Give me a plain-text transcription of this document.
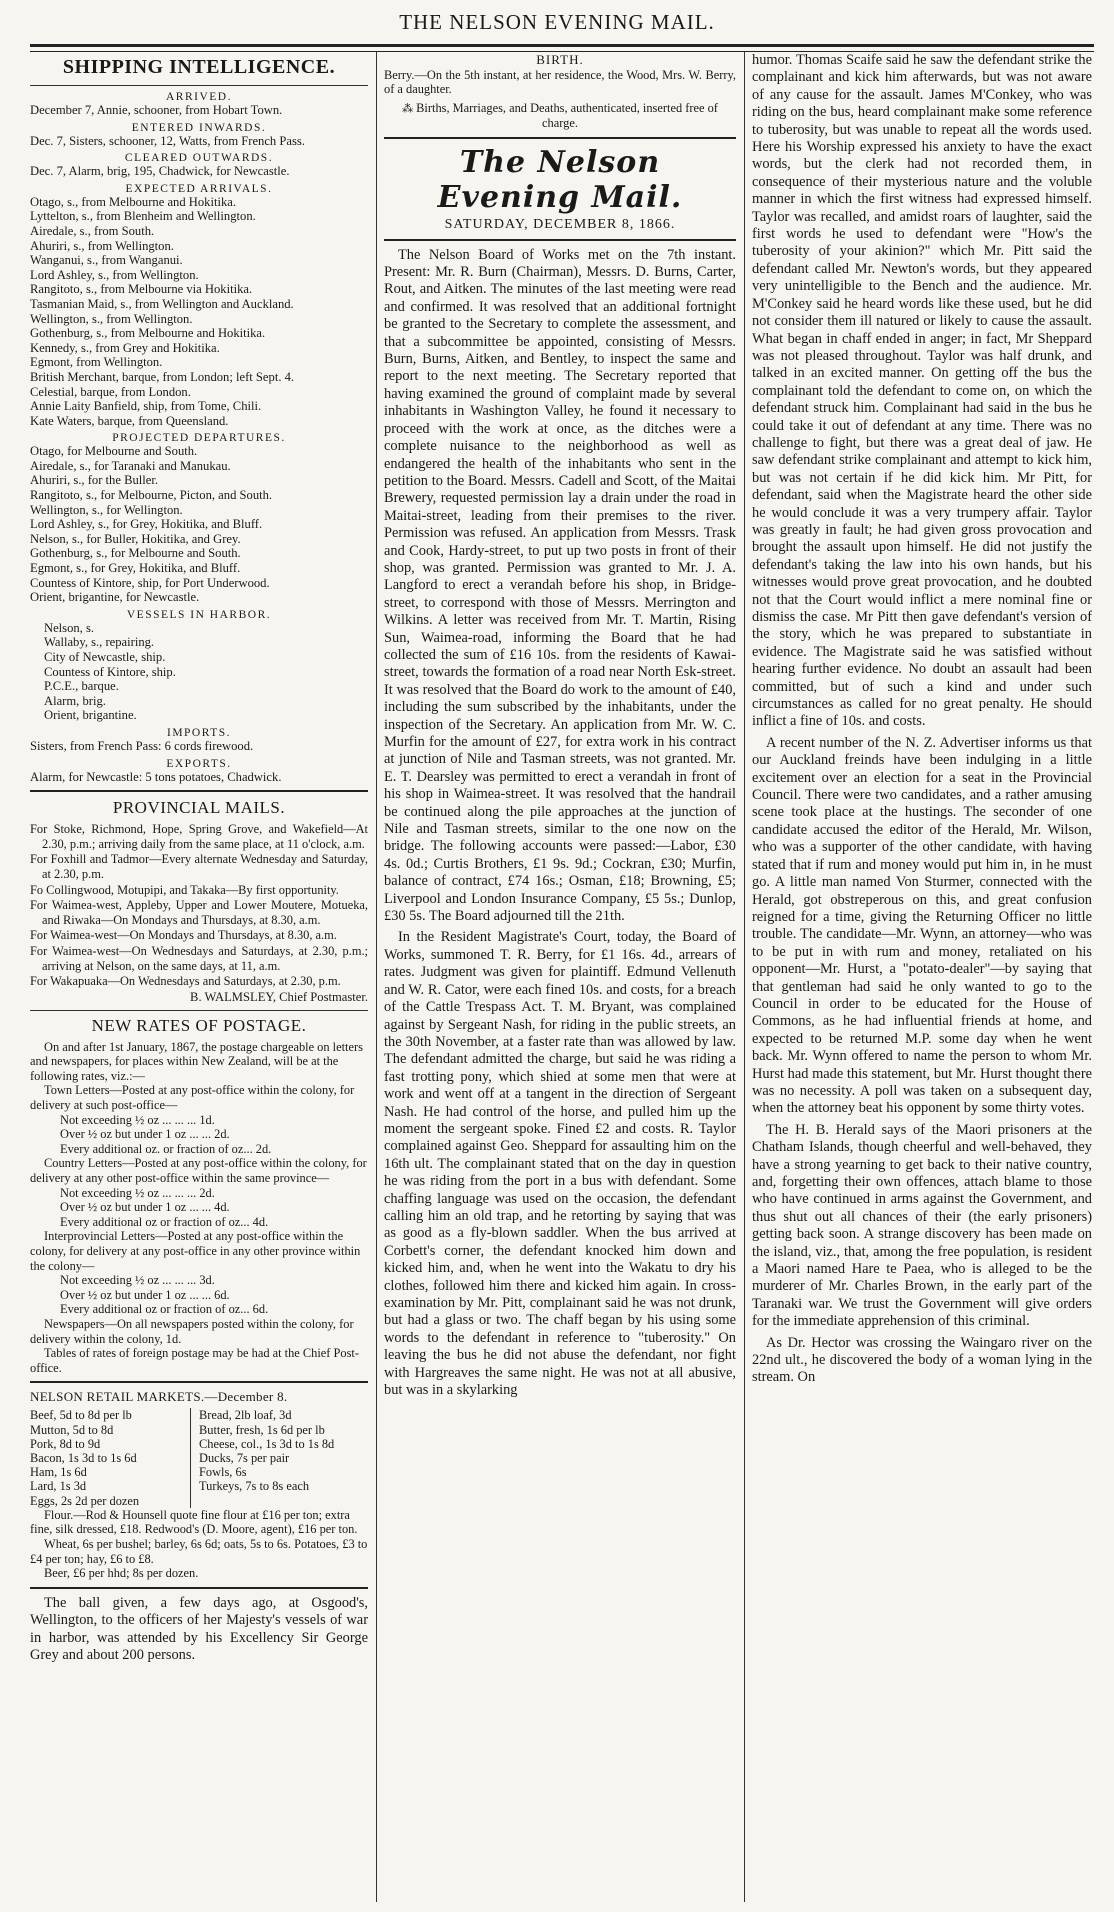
THE NELSON EVENING MAIL.
SHIPPING INTELLIGENCE.
ARRIVED.
December 7, Annie, schooner, from Hobart Town.
ENTERED INWARDS.
Dec. 7, Sisters, schooner, 12, Watts, from French Pass.
CLEARED OUTWARDS.
Dec. 7, Alarm, brig, 195, Chadwick, for Newcastle.
EXPECTED ARRIVALS.
Otago, s., from Melbourne and Hokitika.
Lyttelton, s., from Blenheim and Wellington.
Airedale, s., from South.
Ahuriri, s., from Wellington.
Wanganui, s., from Wanganui.
Lord Ashley, s., from Wellington.
Rangitoto, s., from Melbourne via Hokitika.
Tasmanian Maid, s., from Wellington and Auckland.
Wellington, s., from Wellington.
Gothenburg, s., from Melbourne and Hokitika.
Kennedy, s., from Grey and Hokitika.
Egmont, from Wellington.
British Merchant, barque, from London; left Sept. 4.
Celestial, barque, from London.
Annie Laity Banfield, ship, from Tome, Chili.
Kate Waters, barque, from Queensland.
PROJECTED DEPARTURES.
Otago, for Melbourne and South.
Airedale, s., for Taranaki and Manukau.
Ahuriri, s., for the Buller.
Rangitoto, s., for Melbourne, Picton, and South.
Wellington, s., for Wellington.
Lord Ashley, s., for Grey, Hokitika, and Bluff.
Nelson, s., for Buller, Hokitika, and Grey.
Gothenburg, s., for Melbourne and South.
Egmont, s., for Grey, Hokitika, and Bluff.
Countess of Kintore, ship, for Port Underwood.
Orient, brigantine, for Newcastle.
VESSELS IN HARBOR.
Nelson, s.
Wallaby, s., repairing.
City of Newcastle, ship.
Countess of Kintore, ship.
P.C.E., barque.
Alarm, brig.
Orient, brigantine.
IMPORTS.
Sisters, from French Pass: 6 cords firewood.
EXPORTS.
Alarm, for Newcastle: 5 tons potatoes, Chadwick.
PROVINCIAL MAILS.

For Stoke, Richmond, Hope, Spring Grove, and Wakefield—At 2.30, p.m.; arriving daily from the same place, at 11 o'clock, a.m.

For Foxhill and Tadmor—Every alternate Wednesday and Saturday, at 2.30, p.m.

Fo Collingwood, Motupipi, and Takaka—By first opportunity.

For Waimea-west, Appleby, Upper and Lower Moutere, Motueka, and Riwaka—On Mondays and Thursdays, at 8.30, a.m.

For Waimea-west—On Mondays and Thursdays, at 8.30, a.m.

For Waimea-west—On Wednesdays and Saturdays, at 2.30, p.m.; arriving at Nelson, on the same days, at 11, a.m.

For Wakapuaka—On Wednesdays and Saturdays, at 2.30, p.m.

B. WALMSLEY, Chief Postmaster.
NEW RATES OF POSTAGE.

On and after 1st January, 1867, the postage chargeable on letters and newspapers, for places within New Zealand, will be at the following rates, viz.:—

Town Letters—Posted at any post-office within the colony, for delivery at such post-office—

Not exceeding ½ oz ... ... ... 1d.
Over ½ oz but under 1 oz ... ... 2d.
Every additional oz. or fraction of oz... 2d.

Country Letters—Posted at any post-office within the colony, for delivery at any other post-office within the same province—

Not exceeding ½ oz ... ... ... 2d.
Over ½ oz but under 1 oz ... ... 4d.
Every additional oz or fraction of oz... 4d.

Interprovincial Letters—Posted at any post-office within the colony, for delivery at any post-office in any other province within the colony—

Not exceeding ½ oz ... ... ... 3d.
Over ½ oz but under 1 oz ... ... 6d.
Every additional oz or fraction of oz... 6d.

Newspapers—On all newspapers posted within the colony, for delivery within the colony, 1d.

Tables of rates of foreign postage may be had at the Chief Post-office.

NELSON RETAIL MARKETS.—December 8.
Beef, 5d to 8d per lb
Mutton, 5d to 8d
Pork, 8d to 9d
Bacon, 1s 3d to 1s 6d
Ham, 1s 6d
Lard, 1s 3d
Eggs, 2s 2d per dozen
Bread, 2lb loaf, 3d
Butter, fresh, 1s 6d per lb
Cheese, col., 1s 3d to 1s 8d
Ducks, 7s per pair
Fowls, 6s
Turkeys, 7s to 8s each

Flour.—Rod & Hounsell quote fine flour at £16 per ton; extra fine, silk dressed, £18. Redwood's (D. Moore, agent), £16 per ton.

Wheat, 6s per bushel; barley, 6s 6d; oats, 5s to 6s. Potatoes, £3 to £4 per ton; hay, £6 to £8.

Beer, £6 per hhd; 8s per dozen.

The ball given, a few days ago, at Osgood's, Wellington, to the officers of her Majesty's vessels of war in harbor, was attended by his Excellency Sir George Grey and about 200 persons.

BIRTH.
Berry.—On the 5th instant, at her residence, the Wood, Mrs. W. Berry, of a daughter.
⁂ Births, Marriages, and Deaths, authenticated, inserted free of charge.
The Nelson Evening Mail.
SATURDAY, DECEMBER 8, 1866.

The Nelson Board of Works met on the 7th instant. Present: Mr. R. Burn (Chairman), Messrs. D. Burns, Carter, Rout, and Aitken. The minutes of the last meeting were read and confirmed. It was resolved that an additional fortnight be granted to the Secretary to complete the assessment, and that a subcommittee be appointed, consisting of Messrs. Burn, Burns, Aitken, and Bentley, to inspect the same and report to the next meeting. The Secretary reported that having examined the ground of complaint made by several inhabitants in Washington Valley, he found it necessary to proceed with the work at once, as the ditches were a complete nuisance to the neighborhood as well as endangered the health of the inhabitants who sent in the petition to the Board. Messrs. Cadell and Scott, of the Maitai Brewery, requested permission lay a drain under the road in Maitai-street, leading from their premises to the river. Permission was refused. An application from Messrs. Trask and Cook, Hardy-street, to put up two posts in front of their shop, was granted. Permission was granted to Mr. J. A. Langford to erect a verandah before his shop, in Bridge-street, to correspond with those of Messrs. Merrington and Wilkins. A letter was received from Mr. T. Martin, Rising Sun, Waimea-road, informing the Board that he had collected the sum of £16 10s. from the residents of Kawai-street, towards the formation of a road near North Esk-street. It was resolved that the Board do work to the amount of £40, including the sum subscribed by the inhabitants, under the inspection of the Secretary. An application from Mr. W. C. Murfin for the amount of £27, for extra work in his contract at junction of Nile and Tasman streets, was not granted. Mr. E. T. Dearsley was permitted to erect a verandah in front of his shop in Waimea-street. It was resolved that the handrail be continued along the pile approaches at the junction of Nile and Tasman streets, similar to the one now on the bridge. The following accounts were passed:—Labor, £30 4s. 0d.; Curtis Brothers, £1 9s. 9d.; Cockran, £30; Murfin, balance of contract, £74 16s.; Osman, £18; Browning, £5; Liverpool and London Insurance Company, £5 5s.; Dunlop, £30 5s. The Board adjourned till the 21th.

In the Resident Magistrate's Court, today, the Board of Works, summoned T. R. Berry, for £1 16s. 4d., arrears of rates. Judgment was given for plaintiff. Edmund Vellenuth and W. R. Cator, were each fined 10s. and costs, for a breach of the Cattle Trespass Act. T. M. Bryant, was complained against by Sergeant Nash, for riding in the public streets, an the 30th November, at a faster rate than was allowed by law. The defendant admitted the charge, but said he was riding a fast trotting pony, which shied at some men that were at work and went off at a tangent in the direction of Sergeant Nash. He had control of the horse, and pulled him up the moment the sergeant spoke. Fined £2 and costs. R. Taylor complained against Geo. Sheppard for assaulting him on the 16th ult. The complainant stated that on the day in question he was riding from the port in a bus with defendant. Some chaffing language was used on the occasion, the defendant calling him an old trap, and he retorting by saying that was as good as a fly-blown saddler. When the bus arrived at Corbett's corner, the defendant knocked him down and kicked him, and, when he went into the Wakatu to dry his clothes, followed him there and kicked him again. In cross-examination by Mr. Pitt, complainant said he was not drunk, but had a glass or two. The chaff began by his using some words to the defendant in reference to "tuberosity." On leaving the bus he did not abuse the defendant, nor fight with Hargreaves the same night. He was not at all abusive, but was in a skylarking

humor. Thomas Scaife said he saw the defendant strike the complainant and kick him afterwards, but was not aware of any cause for the assault. James M'Conkey, who was riding on the bus, heard complainant make some reference to tuberosity, but was unable to repeat all the words used. Here his Worship expressed his anxiety to have the exact words, but the clerk had not recorded them, in consequence of their mysterious nature and the voluble manner in which the first witness had expressed himself. Taylor was recalled, and amidst roars of laughter, said the first words he used to defendant were "How's the tuberosity of your akinion?" which Mr. Pitt said the defendant called Mr. Newton's words, but they appeared very unintelligible to the Bench and the audience. Mr. M'Conkey said he heard words like these used, but he did not consider them ill natured or likely to cause the assault. What began in chaff ended in anger; in fact, Mr Sheppard was not pleased throughout. Taylor was half drunk, and talked in an excited manner. On getting off the bus the complainant told the defendant to come on, on which the defendant struck him. Complainant had said in the bus he could take it out of defendant at any time. There was no challenge to fight, but there was a great deal of jaw. He saw defendant strike complainant and attempt to kick him, but was not certain if he did kick him. Mr Pitt, for defendant, said when the Magistrate heard the other side he would conclude it was a very trumpery affair. Taylor was greatly in fault; he had given gross provocation and brought the assault upon himself. He did not justify the defendant's taking the law into his own hands, but his witnesses would prove great provocation, and he doubted not that the Court would inflict a mere nominal fine or dismiss the case. Mr Pitt then gave defendant's version of the story, which he was prepared to substantiate in evidence. The Magistrate said he was satisfied without hearing further evidence. No doubt an assault had been committed, but of such a kind and under such circumstances as called for no great penalty. He should inflict a fine of 10s. and costs.

A recent number of the N. Z. Advertiser informs us that our Auckland freinds have been indulging in a little excitement over an election for a seat in the Provincial Council. There were two candidates, and a rather amusing scene took place at the hustings. The seconder of one candidate accused the editor of the Herald, Mr. Wilson, who was a supporter of the other candidate, with having stated that if rum and money would put him in, in he must go. A little man named Von Sturmer, connected with the Herald, got obstreperous on this, and great confusion reigned for a time, giving the Returning Officer no little trouble. The candidate—Mr. Wynn, an attorney—who was to be put in with rum and money, retaliated on his opponent—Mr. Hurst, a "potato-dealer"—by saying that that gentleman had said he only wanted to go to the Council in order to be educated for the House of Commons, as he had influential friends at home, and expected to be returned M.P. some day when he went back. Mr. Wynn offered to name the person to whom Mr. Hurst had made this statement, but Mr. Hurst thought there was no necessity. A poll was taken on a subsequent day, when the attorney beat his opponent by some thirty votes.

The H. B. Herald says of the Maori prisoners at the Chatham Islands, though cheerful and well-behaved, they have a strong yearning to get back to their native country, and, forgetting their own offences, attach blame to those who have continued in arms against the Government, and thus shut out all chances of their (the early prisoners) getting back soon. A strange discovery has been made on the island, viz., that, among the free population, is resident a Maori named Hare te Paea, who is alleged to be the murderer of Mr. Charles Brown, in the early part of the Taranaki war. We trust the Government will give orders for the immediate apprehension of this criminal.

As Dr. Hector was crossing the Waingaro river on the 22nd ult., he discovered the body of a woman lying in the stream. On
